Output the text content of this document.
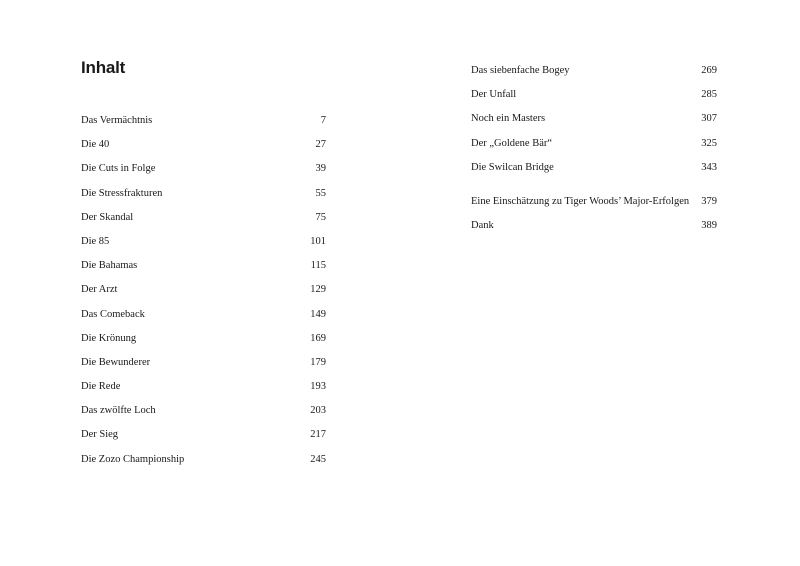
Inhalt
Das Vermächtnis	7
Die 40	27
Die Cuts in Folge	39
Die Stressfrakturen	55
Der Skandal	75
Die 85	101
Die Bahamas	115
Der Arzt	129
Das Comeback	149
Die Krönung	169
Die Bewunderer	179
Die Rede	193
Das zwölfte Loch	203
Der Sieg	217
Die Zozo Championship	245
Das siebenfache Bogey	269
Der Unfall	285
Noch ein Masters	307
Der „Goldene Bär“	325
Die Swilcan Bridge	343
Eine Einschätzung zu Tiger Woods’ Major-Erfolgen	379
Dank	389
